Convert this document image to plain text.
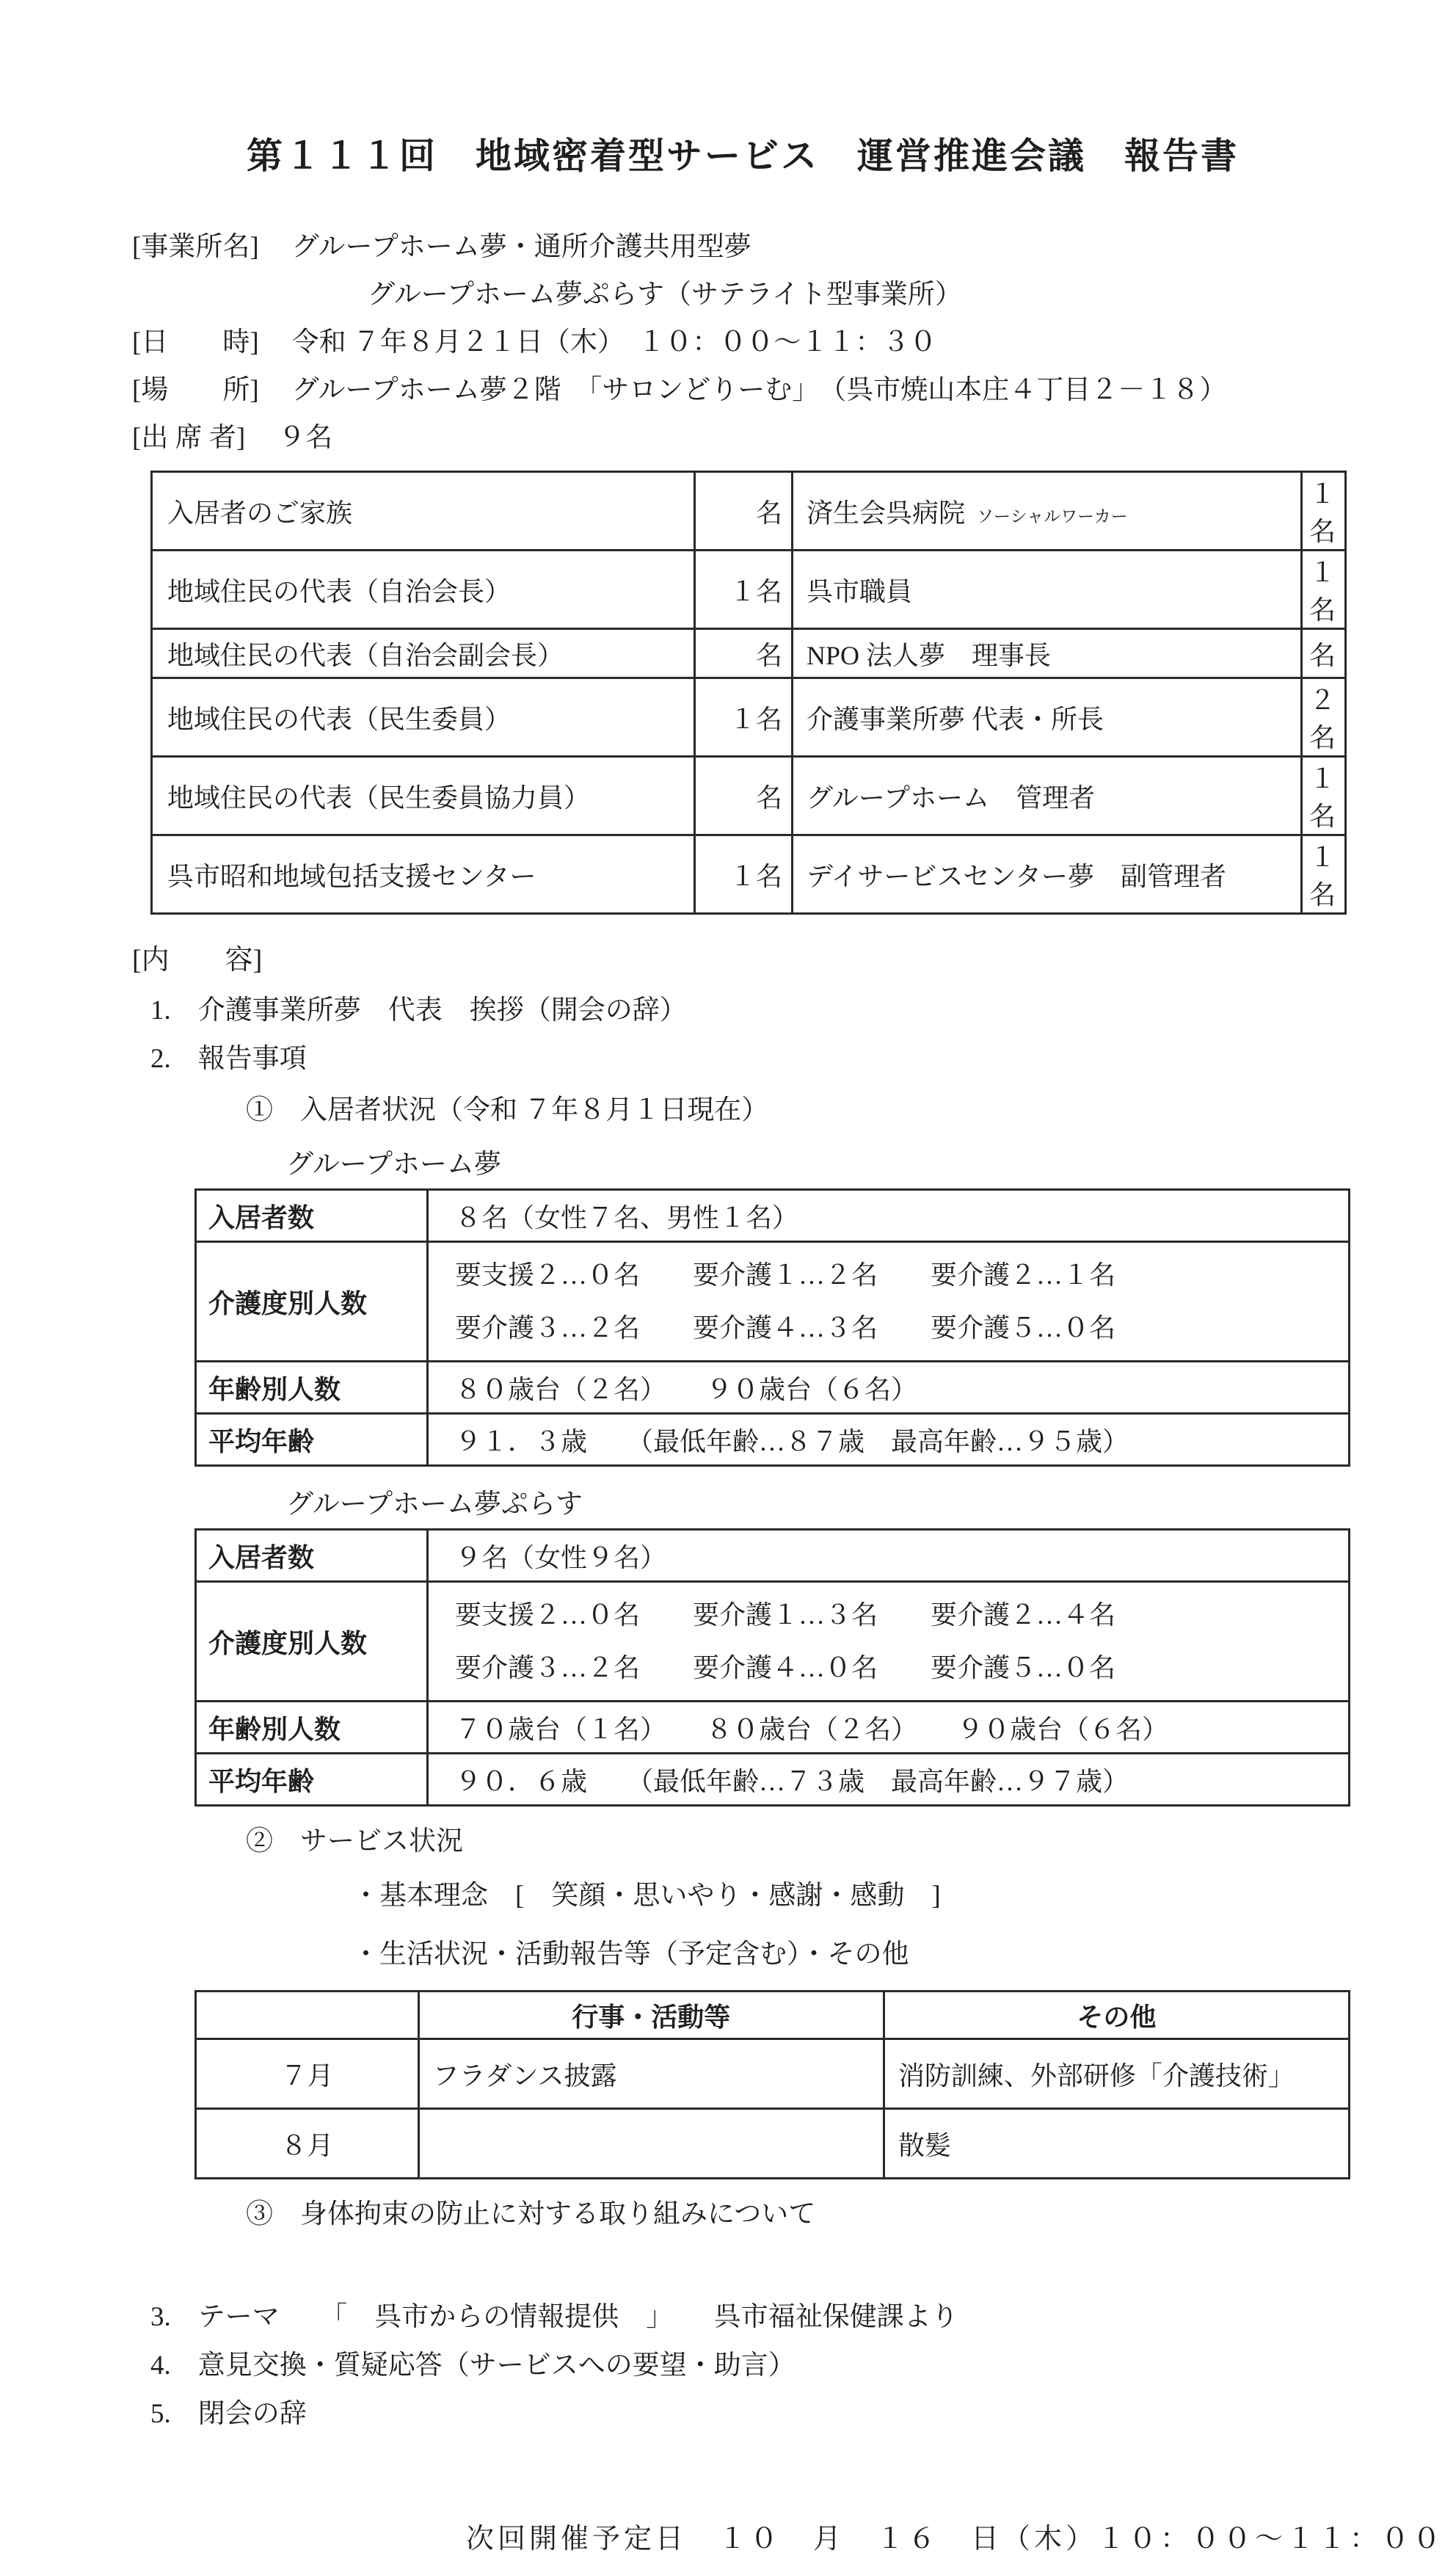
第１１１回　地域密着型サービス　運営推進会議　報告書
[事業所名] グループホーム夢・通所介護共用型夢
グループホーム夢ぷらす（サテライト型事業所）
[日　　時] 令和 ７年８月２１日（木）　１０：００～１１：３０
[場　　所] グループホーム夢２階　「サロンどりーむ」　（呉市焼山本庄４丁目２－１８）
[出 席 者] ９名
入居者のご家族	名	済生会呉病院 ソーシャルワーカー	１名
地域住民の代表（自治会長）	１名	呉市職員	１名
地域住民の代表（自治会副会長）	名	NPO 法人夢　理事長	名
地域住民の代表（民生委員）	１名	介護事業所夢 代表・所長	２名
地域住民の代表（民生委員協力員）	名	グループホーム　管理者	１名
呉市昭和地域包括支援センター	１名	デイサービスセンター夢　副管理者	１名
[内　　容]
1.　介護事業所夢　代表　挨拶（開会の辞）
2.　報告事項
①　入居者状況（令和 ７年８月１日現在）
グループホーム夢
入居者数	８名（女性７名、男性１名）
介護度別人数	要支援２…０名　　要介護１…２名　　要介護２…１名
要介護３…２名　　要介護４…３名　　要介護５…０名

年齢別人数	８０歳台（２名）　　９０歳台（６名）
平均年齢	９１．３歳　　（最低年齢…８７歳　最高年齢…９５歳）
グループホーム夢ぷらす
入居者数	９名（女性９名）
介護度別人数	要支援２…０名　　要介護１…３名　　要介護２…４名
要介護３…２名　　要介護４…０名　　要介護５…０名

年齢別人数	７０歳台（１名）　　８０歳台（２名）　　９０歳台（６名）
平均年齢	９０．６歳　　（最低年齢…７３歳　最高年齢…９７歳）
②　サービス状況
・基本理念　[　笑顔・思いやり・感謝・感動　]
・生活状況・活動報告等（予定含む）・その他
	行事・活動等	その他
７月	フラダンス披露	消防訓練、外部研修「介護技術」
８月		散髪
③　身体拘束の防止に対する取り組みについて
3.　テーマ　　「　呉市からの情報提供　」　　呉市福祉保健課より
4.　意見交換・質疑応答（サービスへの要望・助言）
5.　閉会の辞
次回開催予定日　１０　月　１６　日（木）１０：００～１１：００
